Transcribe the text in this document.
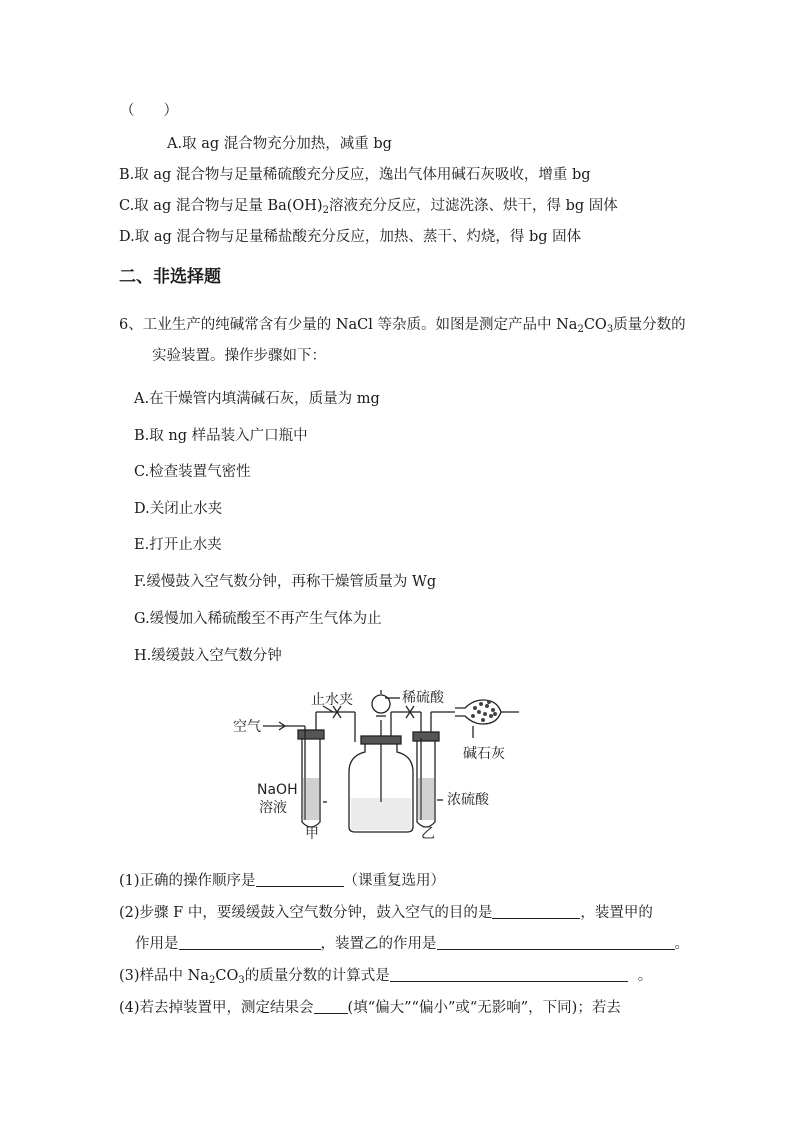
（　　）
A.取 ag 混合物充分加热，减重 bg
B.取 ag 混合物与足量稀硫酸充分反应，逸出气体用碱石灰吸收，增重 bg
C.取 ag 混合物与足量 $Ba(OH)_2$溶液充分反应，过滤洗涤、烘干，得 bg 固体
D.取 ag 混合物与足量稀盐酸充分反应，加热、蒸干、灼烧，得 bg 固体
二、非选择题
6、工业生产的纯碱常含有少量的 NaCl 等杂质。如图是测定产品中 $Na_2CO_3$质量分数的
实验装置。操作步骤如下：
A.在干燥管内填满碱石灰，质量为 mg
B.取 ng 样品装入广口瓶中
C.检查装置气密性
D.关闭止水夹
E.打开止水夹
F.缓慢鼓入空气数分钟，再称干燥管质量为 Wg
G.缓慢加入稀硫酸至不再产生气体为止
H.缓缓鼓入空气数分钟
空气
止水夹	稀硫酸
碱石灰
NaOH
溶液	浓硫酸
甲	乙
(1)正确的操作顺序是	（课重复选用）
(2)步骤 F 中，要缓缓鼓入空气数分钟，鼓入空气的目的是	，装置甲的
作用是	，装置乙的作用是	。
(3)样品中 $Na_2CO_3$的质量分数的计算式是	。
(4)若去掉装置甲，测定结果会 (填“偏大”“偏小”或“无影响”，下同)；若去
